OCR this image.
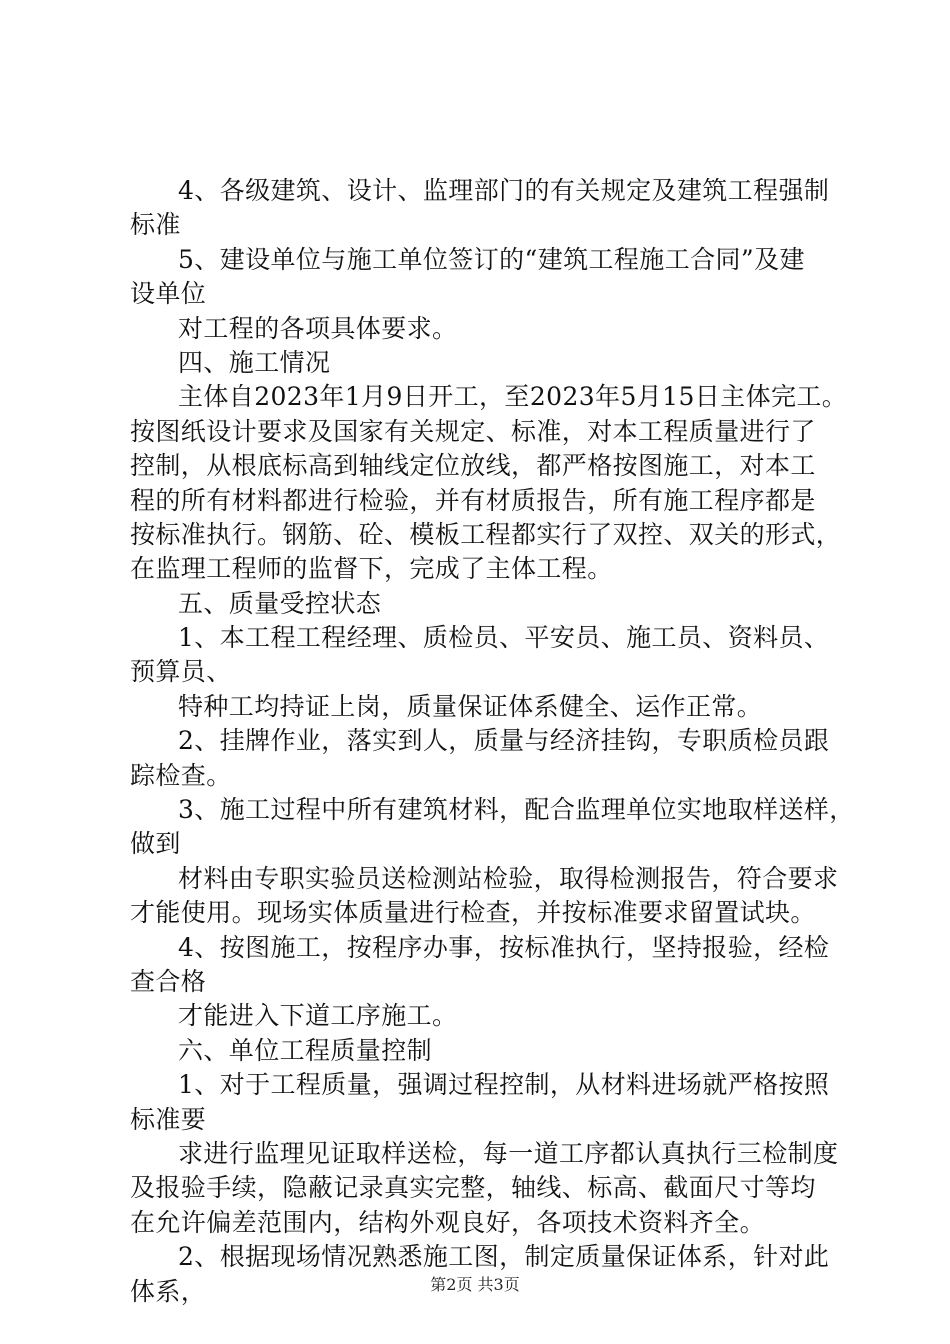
4、各级建筑、设计、监理部门的有关规定及建筑工程强制
标准
5、建设单位与施工单位签订的“建筑工程施工合同”及建
设单位
对工程的各项具体要求。
四、施工情况
主体自2023年1月9日开工，至2023年5月15日主体完工。
按图纸设计要求及国家有关规定、标准，对本工程质量进行了
控制，从根底标高到轴线定位放线，都严格按图施工，对本工
程的所有材料都进行检验，并有材质报告，所有施工程序都是
按标准执行。钢筋、砼、模板工程都实行了双控、双关的形式，
在监理工程师的监督下，完成了主体工程。
五、质量受控状态
1、本工程工程经理、质检员、平安员、施工员、资料员、
预算员、
特种工均持证上岗，质量保证体系健全、运作正常。
2、挂牌作业，落实到人，质量与经济挂钩，专职质检员跟
踪检查。
3、施工过程中所有建筑材料，配合监理单位实地取样送样，
做到
材料由专职实验员送检测站检验，取得检测报告，符合要求
才能使用。现场实体质量进行检查，并按标准要求留置试块。
4、按图施工，按程序办事，按标准执行，坚持报验，经检
查合格
才能进入下道工序施工。
六、单位工程质量控制
1、对于工程质量，强调过程控制，从材料进场就严格按照
标准要
求进行监理见证取样送检，每一道工序都认真执行三检制度
及报验手续，隐蔽记录真实完整，轴线、标高、截面尺寸等均
在允许偏差范围内，结构外观良好，各项技术资料齐全。
2、根据现场情况熟悉施工图，制定质量保证体系，针对此
体系，	第2页 共3页
